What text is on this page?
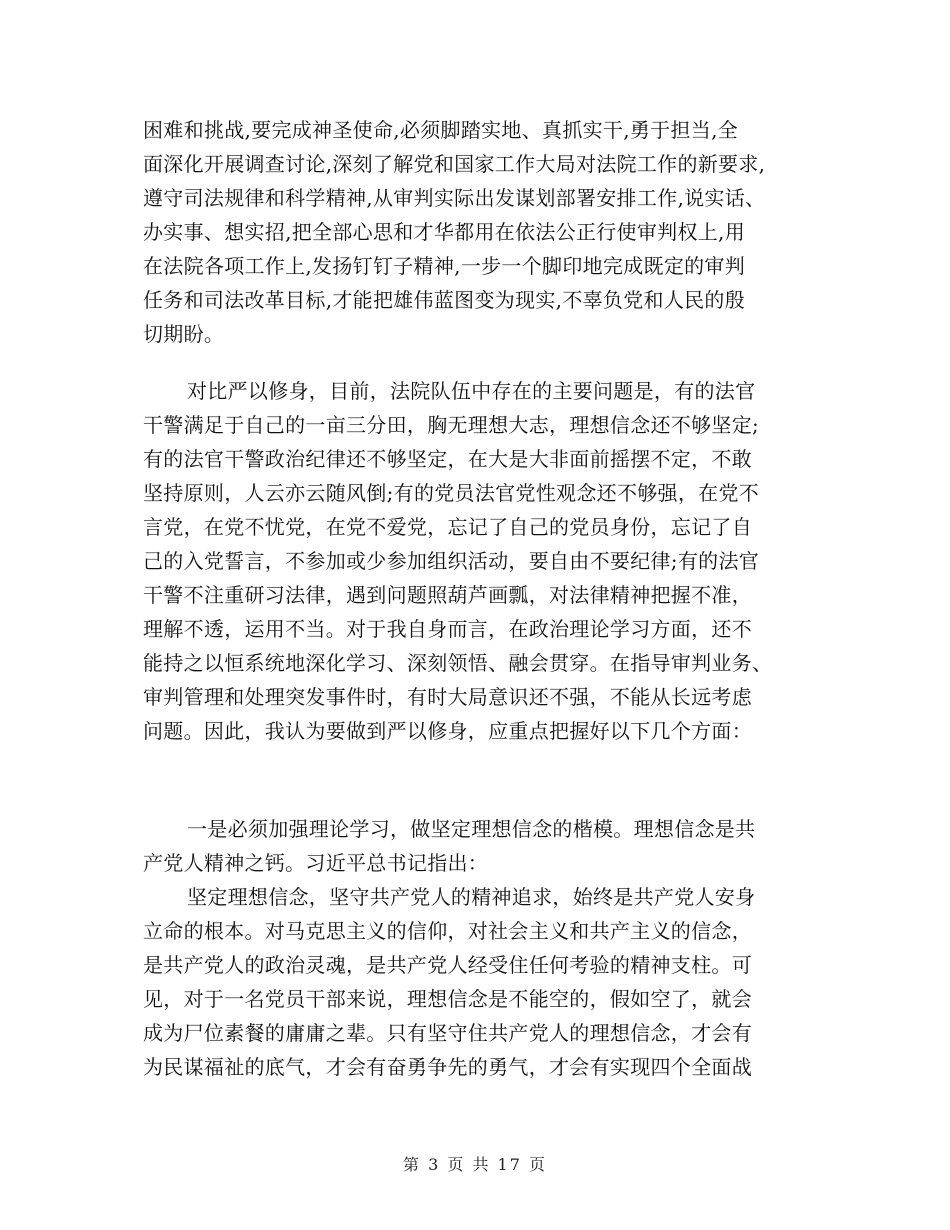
困难和挑战,要完成神圣使命,必须脚踏实地、真抓实干,勇于担当,全
面深化开展调查讨论,深刻了解党和国家工作大局对法院工作的新要求,
遵守司法规律和科学精神,从审判实际出发谋划部署安排工作,说实话、
办实事、想实招,把全部心思和才华都用在依法公正行使审判权上,用
在法院各项工作上,发扬钉钉子精神,一步一个脚印地完成既定的审判
任务和司法改革目标,才能把雄伟蓝图变为现实,不辜负党和人民的殷
切期盼。
对比严以修身，目前，法院队伍中存在的主要问题是，有的法官
干警满足于自己的一亩三分田，胸无理想大志，理想信念还不够坚定;
有的法官干警政治纪律还不够坚定，在大是大非面前摇摆不定，不敢
坚持原则，人云亦云随风倒;有的党员法官党性观念还不够强，在党不
言党，在党不忧党，在党不爱党，忘记了自己的党员身份，忘记了自
己的入党誓言，不参加或少参加组织活动，要自由不要纪律;有的法官
干警不注重研习法律，遇到问题照葫芦画瓢，对法律精神把握不准，
理解不透，运用不当。对于我自身而言，在政治理论学习方面，还不
能持之以恒系统地深化学习、深刻领悟、融会贯穿。在指导审判业务、
审判管理和处理突发事件时，有时大局意识还不强，不能从长远考虑
问题。因此，我认为要做到严以修身，应重点把握好以下几个方面：
一是必须加强理论学习，做坚定理想信念的楷模。理想信念是共
产党人精神之钙。习近平总书记指出：
坚定理想信念，坚守共产党人的精神追求，始终是共产党人安身
立命的根本。对马克思主义的信仰，对社会主义和共产主义的信念，
是共产党人的政治灵魂，是共产党人经受住任何考验的精神支柱。可
见，对于一名党员干部来说，理想信念是不能空的，假如空了，就会
成为尸位素餐的庸庸之辈。只有坚守住共产党人的理想信念，才会有
为民谋福祉的底气，才会有奋勇争先的勇气，才会有实现四个全面战
第 3 页 共 17 页
